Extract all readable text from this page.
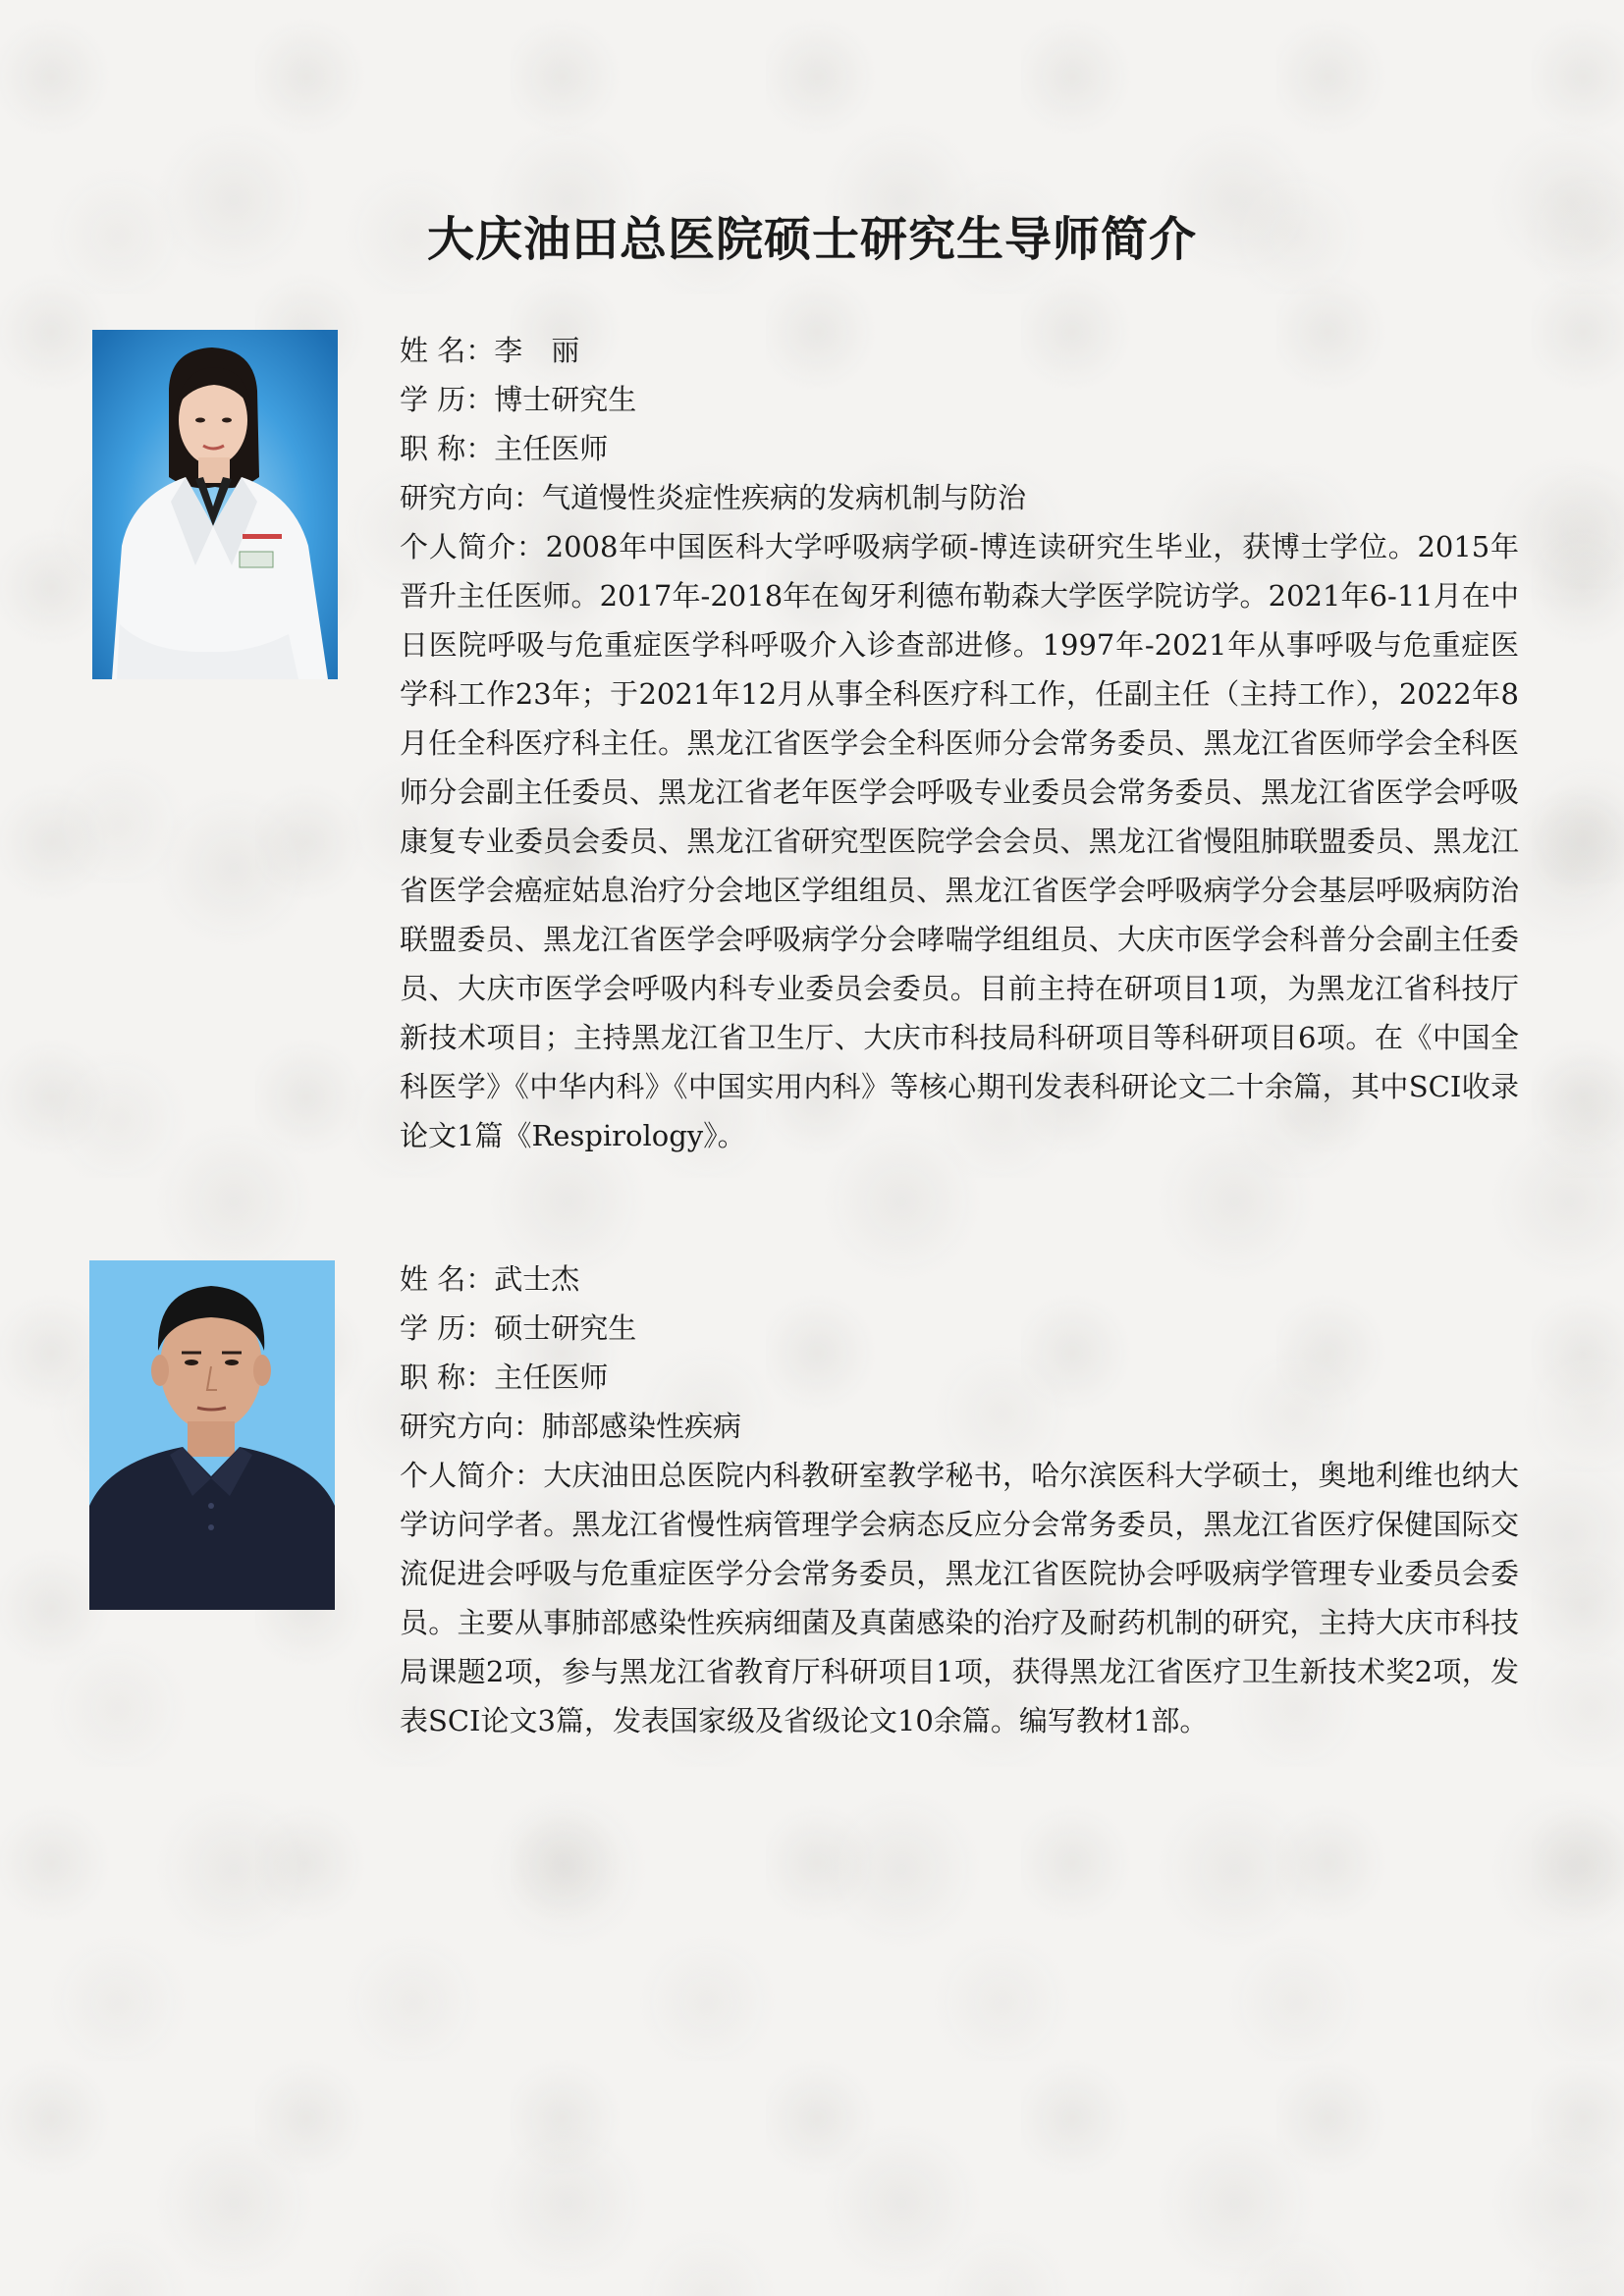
大庆油田总医院硕士研究生导师简介

姓 名：李　丽

学 历：博士研究生

职 称：主任医师

研究方向：气道慢性炎症性疾病的发病机制与防治

个人简介：2008年中国医科大学呼吸病学硕-博连读研究生毕业，获博士学位。2015年晋升主任医师。2017年-2018年在匈牙利德布勒森大学医学院访学。2021年6-11月在中日医院呼吸与危重症医学科呼吸介入诊查部进修。1997年-2021年从事呼吸与危重症医学科工作23年；于2021年12月从事全科医疗科工作，任副主任（主持工作），2022年8月任全科医疗科主任。黑龙江省医学会全科医师分会常务委员、黑龙江省医师学会全科医师分会副主任委员、黑龙江省老年医学会呼吸专业委员会常务委员、黑龙江省医学会呼吸康复专业委员会委员、黑龙江省研究型医院学会会员、黑龙江省慢阻肺联盟委员、黑龙江省医学会癌症姑息治疗分会地区学组组员、黑龙江省医学会呼吸病学分会基层呼吸病防治联盟委员、黑龙江省医学会呼吸病学分会哮喘学组组员、大庆市医学会科普分会副主任委员、大庆市医学会呼吸内科专业委员会委员。目前主持在研项目1项，为黑龙江省科技厅新技术项目；主持黑龙江省卫生厅、大庆市科技局科研项目等科研项目6项。在《中国全科医学》《中华内科》《中国实用内科》等核心期刊发表科研论文二十余篇，其中SCI收录论文1篇《Respirology》。

姓 名：武士杰

学 历：硕士研究生

职 称：主任医师

研究方向：肺部感染性疾病

个人简介：大庆油田总医院内科教研室教学秘书，哈尔滨医科大学硕士，奥地利维也纳大学访问学者。黑龙江省慢性病管理学会病态反应分会常务委员，黑龙江省医疗保健国际交流促进会呼吸与危重症医学分会常务委员，黑龙江省医院协会呼吸病学管理专业委员会委员。主要从事肺部感染性疾病细菌及真菌感染的治疗及耐药机制的研究，主持大庆市科技局课题2项，参与黑龙江省教育厅科研项目1项，获得黑龙江省医疗卫生新技术奖2项，发表SCI论文3篇，发表国家级及省级论文10余篇。编写教材1部。
